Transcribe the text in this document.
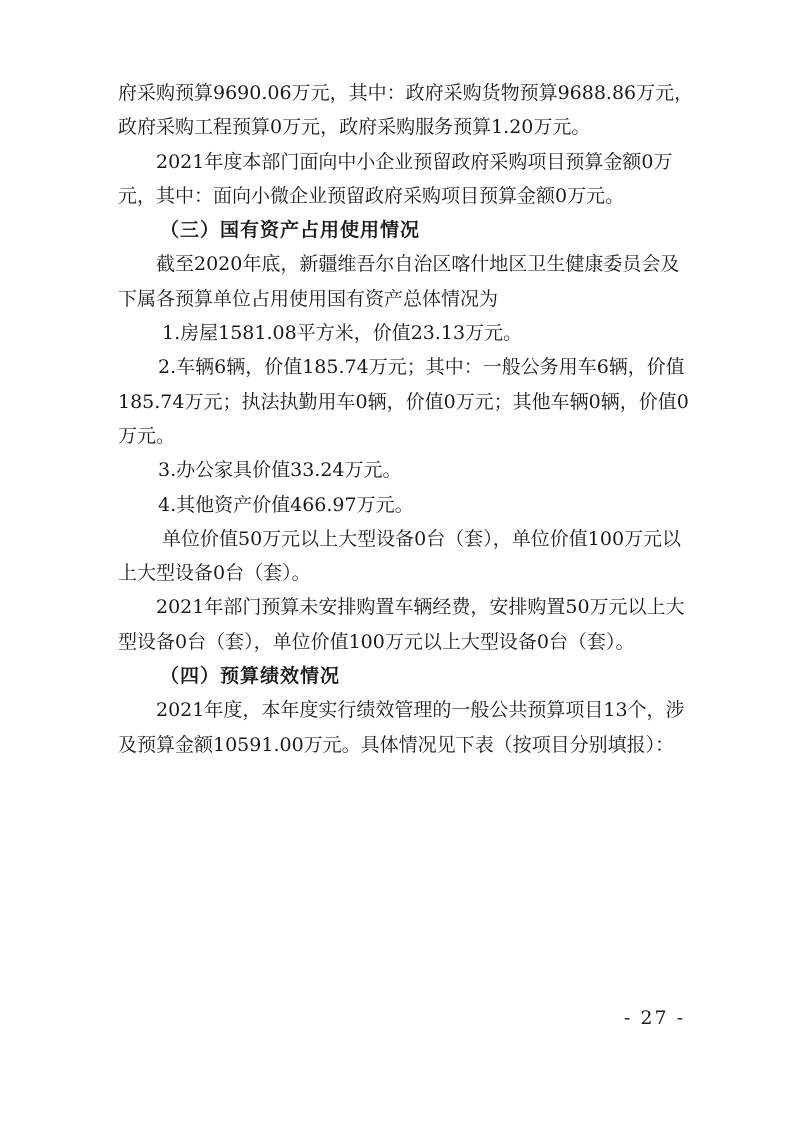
府采购预算9690.06万元，其中：政府采购货物预算9688.86万元，政府采购工程预算0万元，政府采购服务预算1.20万元。

2021年度本部门面向中小企业预留政府采购项目预算金额0万元，其中：面向小微企业预留政府采购项目预算金额0万元。

（三）国有资产占用使用情况

截至2020年底，新疆维吾尔自治区喀什地区卫生健康委员会及下属各预算单位占用使用国有资产总体情况为

1.房屋1581.08平方米，价值23.13万元。

2.车辆6辆，价值185.74万元；其中：一般公务用车6辆，价值185.74万元；执法执勤用车0辆，价值0万元；其他车辆0辆，价值0万元。

3.办公家具价值33.24万元。

4.其他资产价值466.97万元。

单位价值50万元以上大型设备0台（套），单位价值100万元以上大型设备0台（套）。

2021年部门预算未安排购置车辆经费，安排购置50万元以上大型设备0台（套），单位价值100万元以上大型设备0台（套）。

（四）预算绩效情况

2021年度，本年度实行绩效管理的一般公共预算项目13个，涉及预算金额10591.00万元。具体情况见下表（按项目分别填报）：

- 27 -
